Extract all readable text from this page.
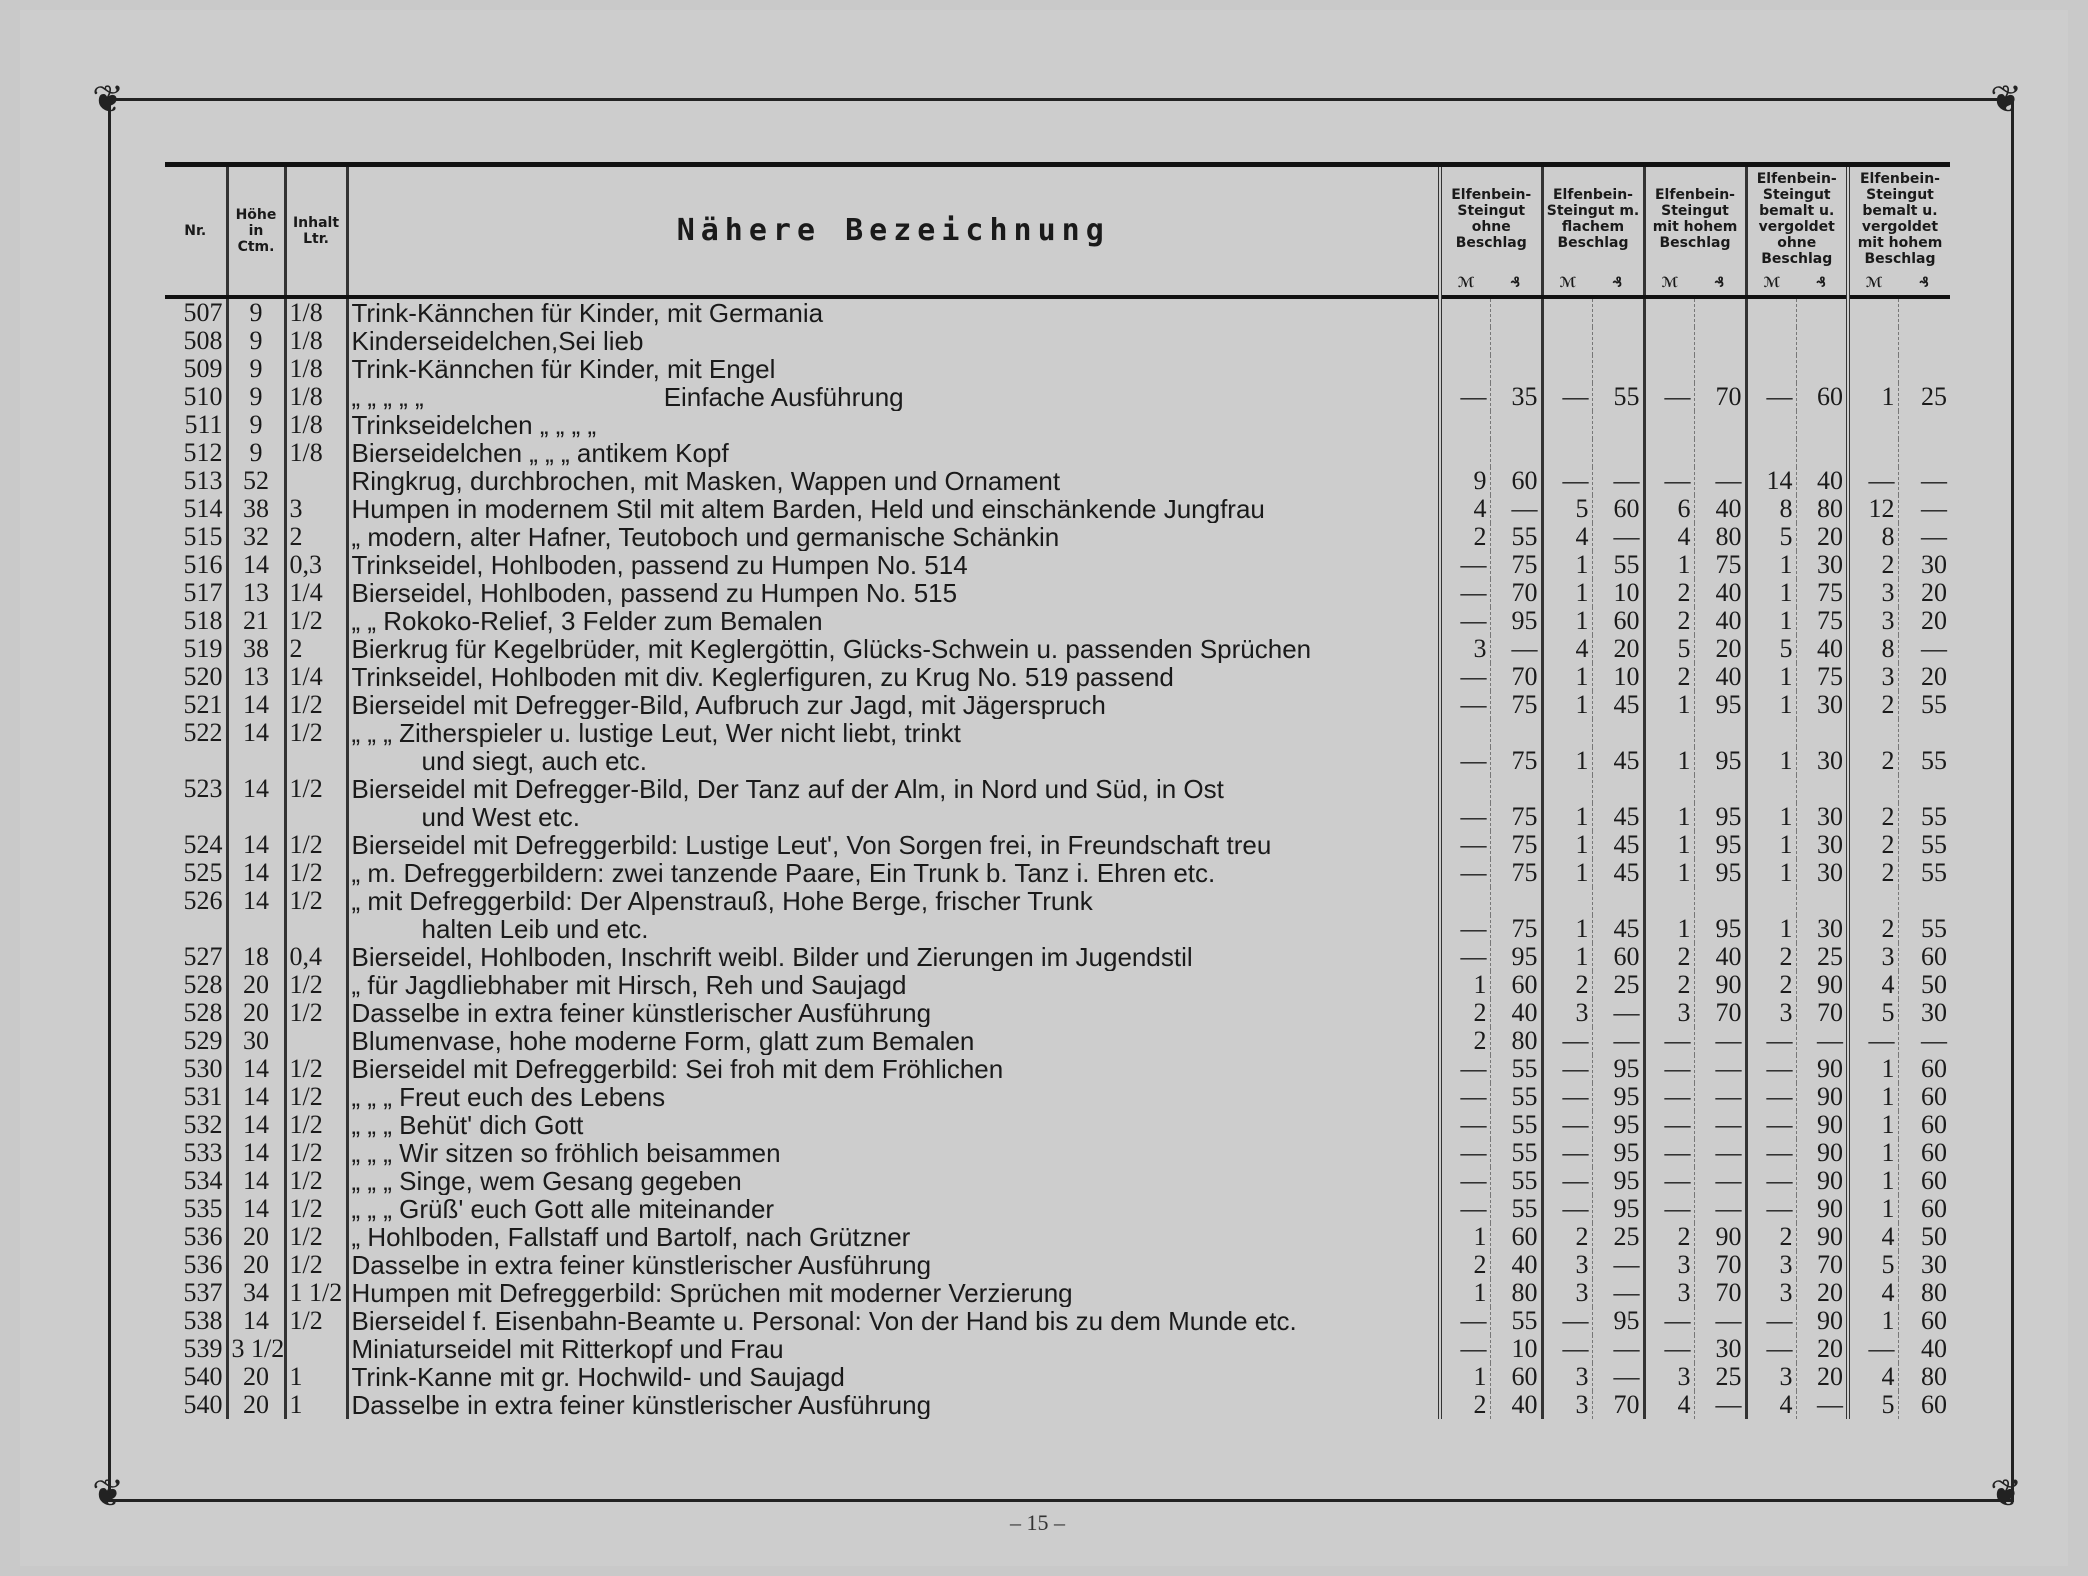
❦	❦
❦	❦
Nr.	Höhe in Ctm.	Inhalt Ltr.	Nähere Bezeichnung	Elfenbein-Steingut ohne Beschlag		Elfenbein-Steingut m. flachem Beschlag		Elfenbein-Steingut mit hohem Beschlag		Elfenbein-Steingut bemalt u. vergoldet ohne Beschlag		Elfenbein-Steingut bemalt u. vergoldet mit hohem Beschlag	
				ℳ	₰	ℳ	₰	ℳ	₰	ℳ	₰	ℳ	₰
507	9	1/8	Trink-Kännchen für Kinder, mit Germania										
508	9	1/8	Kinderseidelchen,Sei lieb										
509	9	1/8	Trink-Kännchen für Kinder, mit Engel										
510	9	1/8	„ „ „ „ „ Einfache Ausführung	—	35	—	55	—	70	—	60	1	25
511	9	1/8	Trinkseidelchen „ „ „ „										
512	9	1/8	Bierseidelchen „ „ „ antikem Kopf										
513	52		Ringkrug, durchbrochen, mit Masken, Wappen und Ornament	9	60	—	—	—	—	14	40	—	—
514	38	3	Humpen in modernem Stil mit altem Barden, Held und einschänkende Jungfrau	4	—	5	60	6	40	8	80	12	—
515	32	2	„ modern, alter Hafner, Teutoboch und germanische Schänkin	2	55	4	—	4	80	5	20	8	—
516	14	0,3	Trinkseidel, Hohlboden, passend zu Humpen No. 514	—	75	1	55	1	75	1	30	2	30
517	13	1/4	Bierseidel, Hohlboden, passend zu Humpen No. 515	—	70	1	10	2	40	1	75	3	20
518	21	1/2	„ „ Rokoko-Relief, 3 Felder zum Bemalen	—	95	1	60	2	40	1	75	3	20
519	38	2	Bierkrug für Kegelbrüder, mit Keglergöttin, Glücks-Schwein u. passenden Sprüchen	3	—	4	20	5	20	5	40	8	—
520	13	1/4	Trinkseidel, Hohlboden mit div. Keglerfiguren, zu Krug No. 519 passend	—	70	1	10	2	40	1	75	3	20
521	14	1/2	Bierseidel mit Defregger-Bild, Aufbruch zur Jagd, mit Jägerspruch	—	75	1	45	1	95	1	30	2	55
522	14	1/2	„ „ „ Zitherspieler u. lustige Leut, Wer nicht liebt, trinkt										
			und siegt, auch etc.	—	75	1	45	1	95	1	30	2	55
523	14	1/2	Bierseidel mit Defregger-Bild, Der Tanz auf der Alm, in Nord und Süd, in Ost										
			und West etc.	—	75	1	45	1	95	1	30	2	55
524	14	1/2	Bierseidel mit Defreggerbild: Lustige Leut', Von Sorgen frei, in Freundschaft treu	—	75	1	45	1	95	1	30	2	55
525	14	1/2	„ m. Defreggerbildern: zwei tanzende Paare, Ein Trunk b. Tanz i. Ehren etc.	—	75	1	45	1	95	1	30	2	55
526	14	1/2	„ mit Defreggerbild: Der Alpenstrauß, Hohe Berge, frischer Trunk										
			halten Leib und etc.	—	75	1	45	1	95	1	30	2	55
527	18	0,4	Bierseidel, Hohlboden, Inschrift weibl. Bilder und Zierungen im Jugendstil	—	95	1	60	2	40	2	25	3	60
528	20	1/2	„ für Jagdliebhaber mit Hirsch, Reh und Saujagd	1	60	2	25	2	90	2	90	4	50
528	20	1/2	Dasselbe in extra feiner künstlerischer Ausführung	2	40	3	—	3	70	3	70	5	30
529	30		Blumenvase, hohe moderne Form, glatt zum Bemalen	2	80	—	—	—	—	—	—	—	—
530	14	1/2	Bierseidel mit Defreggerbild: Sei froh mit dem Fröhlichen	—	55	—	95	—	—	—	90	1	60
531	14	1/2	„ „ „ Freut euch des Lebens	—	55	—	95	—	—	—	90	1	60
532	14	1/2	„ „ „ Behüt' dich Gott	—	55	—	95	—	—	—	90	1	60
533	14	1/2	„ „ „ Wir sitzen so fröhlich beisammen	—	55	—	95	—	—	—	90	1	60
534	14	1/2	„ „ „ Singe, wem Gesang gegeben	—	55	—	95	—	—	—	90	1	60
535	14	1/2	„ „ „ Grüß' euch Gott alle miteinander	—	55	—	95	—	—	—	90	1	60
536	20	1/2	„ Hohlboden, Fallstaff und Bartolf, nach Grützner	1	60	2	25	2	90	2	90	4	50
536	20	1/2	Dasselbe in extra feiner künstlerischer Ausführung	2	40	3	—	3	70	3	70	5	30
537	34	1 1/2	Humpen mit Defreggerbild: Sprüchen mit moderner Verzierung	1	80	3	—	3	70	3	20	4	80
538	14	1/2	Bierseidel f. Eisenbahn-Beamte u. Personal: Von der Hand bis zu dem Munde etc.	—	55	—	95	—	—	—	90	1	60
539	3 1/2		Miniaturseidel mit Ritterkopf und Frau	—	10	—	—	—	30	—	20	—	40
540	20	1	Trink-Kanne mit gr. Hochwild- und Saujagd	1	60	3	—	3	25	3	20	4	80
540	20	1	Dasselbe in extra feiner künstlerischer Ausführung	2	40	3	70	4	—	4	—	5	60
– 15 –
